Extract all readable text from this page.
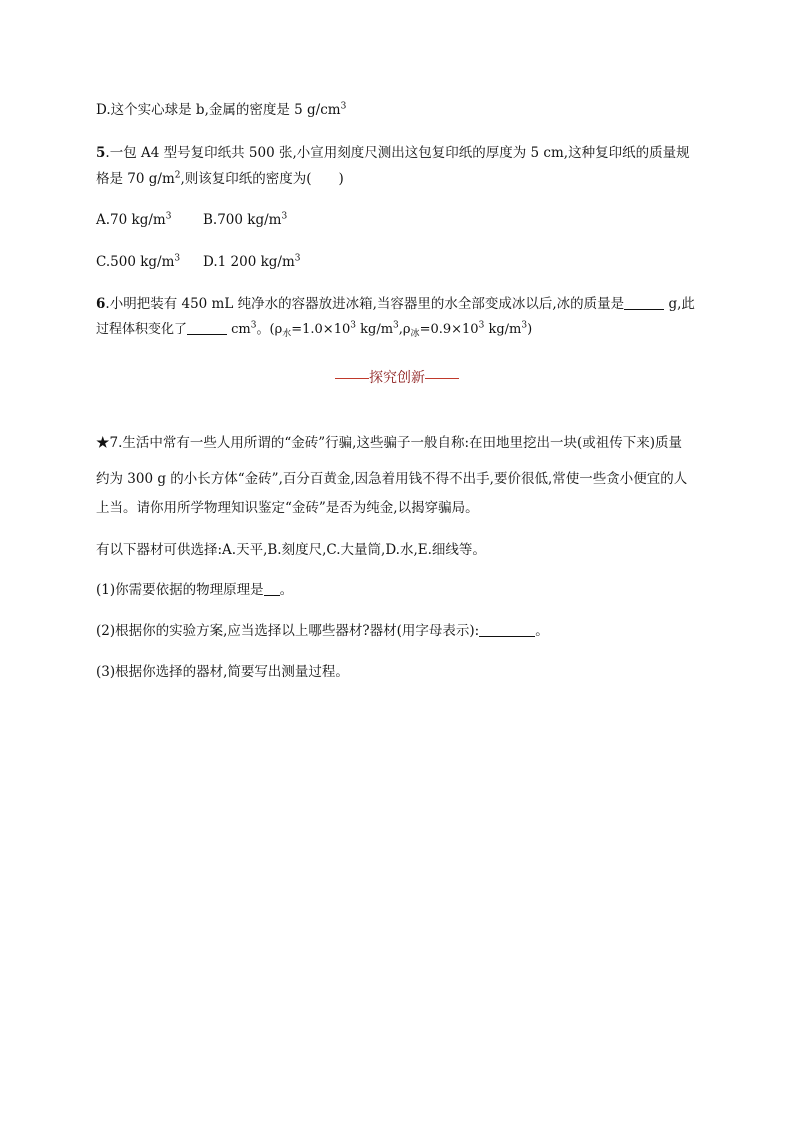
D.这个实心球是 b,金属的密度是 5 $g/cm^3$
5.一包 A4 型号复印纸共 500 张,小宣用刻度尺测出这包复印纸的厚度为 5 cm,这种复印纸的质量规
格是 70 $g/m^2$,则该复印纸的密度为(　　)
A.70 $kg/m^3$ B.700 $kg/m^3$
C.500 $kg/m^3$ D.1 200 $kg/m^3$
6.小明把装有 450 mL 纯净水的容器放进冰箱,当容器里的水全部变成冰以后,冰的质量是	g,此
过程体积变化了	$cm^3$。($\rho_水=1.0\times 10^3$ $kg/m^3,\rho_冰=0.9\times 10^3$ $kg/m^3$)
探究创新
★7.生活中常有一些人用所谓的“金砖”行骗,这些骗子一般自称:在田地里挖出一块(或祖传下来)质量
约为 300 g 的小长方体“金砖”,百分百黄金,因急着用钱不得不出手,要价很低,常使一些贪小便宜的人
上当。请你用所学物理知识鉴定“金砖”是否为纯金,以揭穿骗局。
有以下器材可供选择:A.天平,B.刻度尺,C.大量筒,D.水,E.细线等。
(1)你需要依据的物理原理是 。
(2)根据你的实验方案,应当选择以上哪些器材?器材(用字母表示):	。
(3)根据你选择的器材,简要写出测量过程。
